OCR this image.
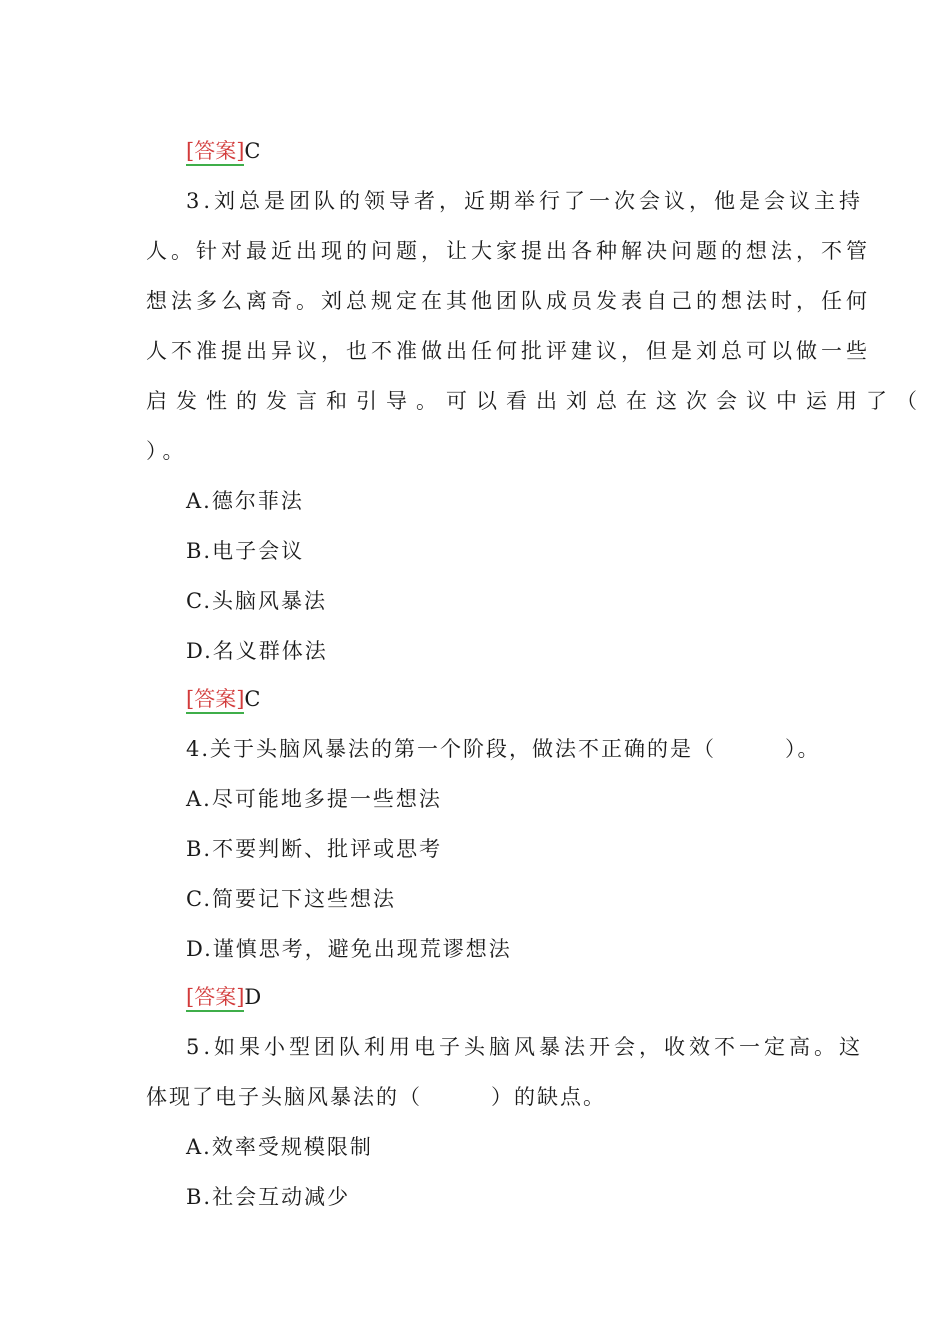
[答案]C
3.刘总是团队的领导者，近期举行了一次会议，他是会议主持
人。针对最近出现的问题，让大家提出各种解决问题的想法，不管
想法多么离奇。刘总规定在其他团队成员发表自己的想法时，任何
人不准提出异议，也不准做出任何批评建议，但是刘总可以做一些
启发性的发言和引导。可以看出刘总在这次会议中运用了（
）。
A.德尔菲法
B.电子会议
C.头脑风暴法
D.名义群体法
[答案]C
4.关于头脑风暴法的第一个阶段，做法不正确的是（　　　）。
A.尽可能地多提一些想法
B.不要判断、批评或思考
C.简要记下这些想法
D.谨慎思考，避免出现荒谬想法
[答案]D
5.如果小型团队利用电子头脑风暴法开会，收效不一定高。这
体现了电子头脑风暴法的（　　　）的缺点。
A.效率受规模限制
B.社会互动减少
